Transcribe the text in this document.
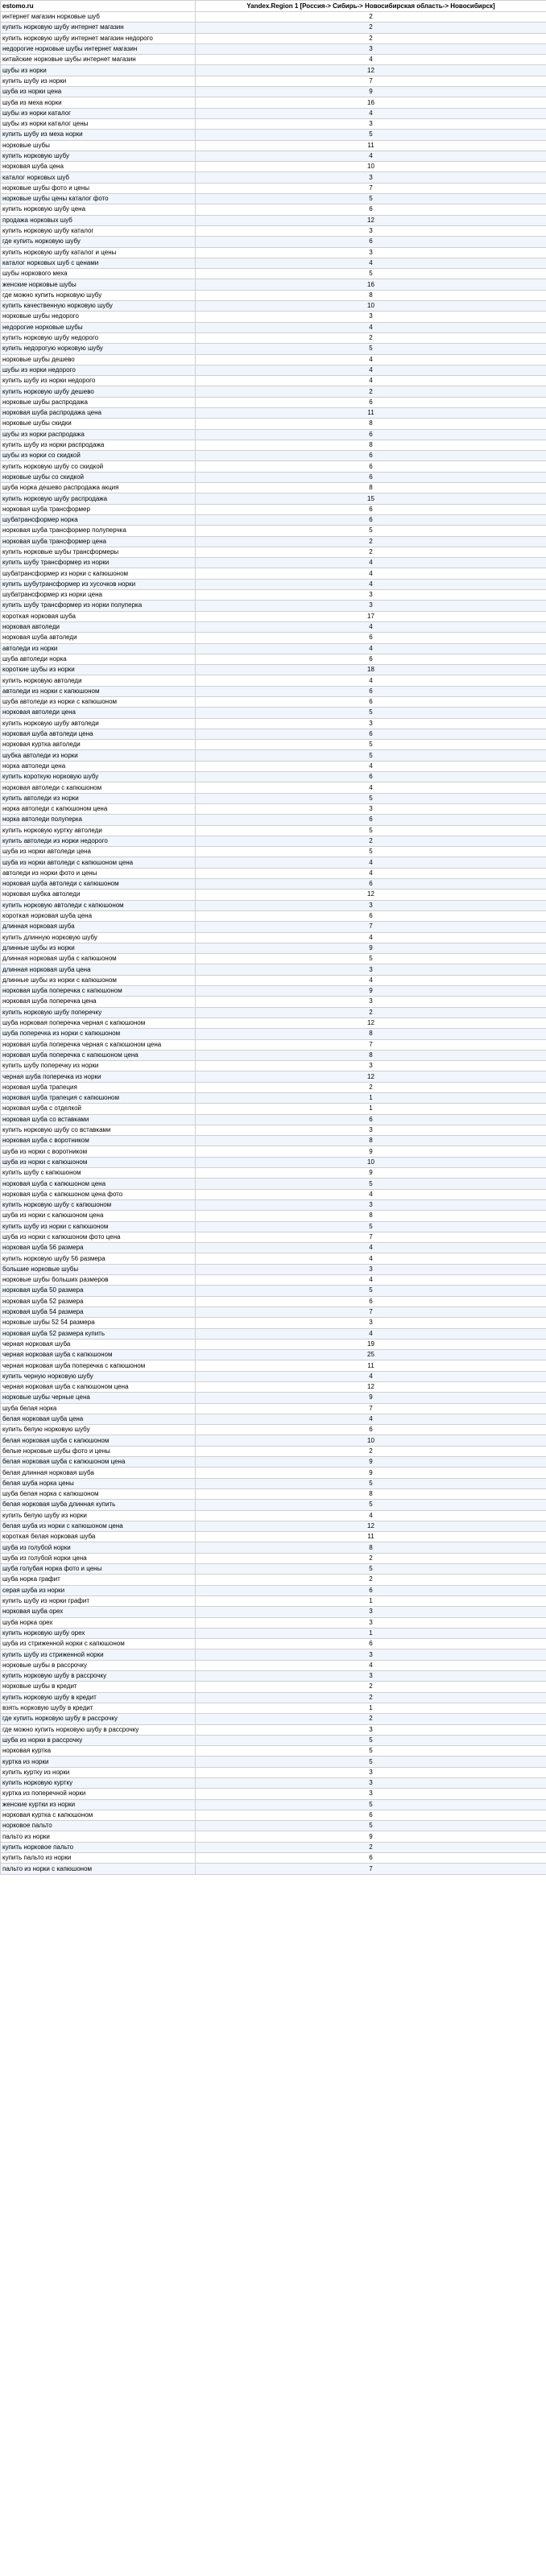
estomo.ru	Yandex.Region 1 [Россия-> Сибирь-> Новосибирская область-> Новосибирск]
интернет магазин норковые шуб	2
купить норковую шубу интернет магазин	2
купить норковую шубу интернет магазин недорого	2
недорогие норковые шубы интернет магазин	3
китайские норковые шубы интернет магазин	4
шубы из норки	12
купить шубу из норки	7
шуба из норки цена	9
шуба из меха норки	16
шубы из норки каталог	4
шубы из норки каталог цены	3
купить шубу из меха норки	5
норковые шубы	11
купить норковую шубу	4
норковая шуба цена	10
каталог норковых шуб	3
норковые шубы фото и цены	7
норковые шубы цены каталог фото	5
купить норковую шубу цена	6
продажа норковых шуб	12
купить норковую шубу каталог	3
где купить норковую шубу	6
купить норковую шубу каталог и цены	3
каталог норковых шуб с ценами	4
шубы норкового меха	5
женские норковые шубы	16
где можно купить норковую шубу	8
купить качественную норковую шубу	10
норковые шубы недорого	3
недорогие норковые шубы	4
купить норковую шубу недорого	2
купить недорогую норковую шубу	5
норковые шубы дешево	4
шубы из норки недорого	4
купить шубу из норки недорого	4
купить норковую шубу дешево	2
норковые шубы распродажа	6
норковая шуба распродажа цена	11
норковые шубы скидки	8
шубы из норки распродажа	6
купить шубу из норки распродажа	8
шубы из норки со скидкой	6
купить норковую шубу со скидкой	6
норковые шубы со скидкой	6
шуба норка дешево распродажа акция	8
купить норковую шубу распродажа	15
норковая шуба трансформер	6
шубатрансформер норка	6
норковая шуба трансформер полуперчка	5
норковая шуба трансформер цена	2
купить норковые шубы трансформеры	2
купить шубу трансформер из норки	4
шубатрансформер из норки с капюшоном	4
купить шубутрансформер из хусочков норки	4
шубатрансформер из норки цена	3
купить шубу трансформер из норки полуперка	3
короткая норковая шуба	17
норковая автоледи	4
норковая шуба автоледи	6
автоледи из норки	4
шуба автоледи норка	6
короткие шубы из норки	18
купить норковую автоледи	4
автоледи из норки с капюшоном	6
шуба автоледи из норки с капюшоном	6
норковая автоледи цена	5
купить норковую шубу автоледи	3
норковая шуба автоледи цена	6
норковая куртка автоледи	5
шубка автоледи из норки	5
норка автоледи цена	4
купить короткую норковую шубу	6
норковая автоледи с капюшоном	4
купить автоледи из норки	5
норка автоледи с капюшоном цена	3
норка автоледи полуперка	6
купить норковую куртку автоледи	5
купить автоледи из норки недорого	2
шуба из норки автоледи цена	5
шуба из норки автоледи с капюшоном цена	4
автоледи из норки фото и цены	4
норковая шуба автоледи с капюшоном	6
норковая шубка автоледи	12
купить норковую автоледи с капюшоном	3
короткая норковая шуба цена	6
длинная норковая шуба	7
купить длинную норковую шубу	4
длинные шубы из норки	9
длинная норковая шуба с капюшоном	5
длинная норковая шуба цена	3
длинные шубы из норки с капюшоном	4
норковая шуба поперечка с капюшоном	9
норковая шуба поперечка цена	3
купить норковую шубу поперечку	2
шуба норковая поперечка черная с капюшоном	12
шуба поперечка из норки с капюшоном	8
норковая шуба поперечка черная с капюшоном цена	7
норковая шуба поперечка с капюшоном цена	8
купить шубу поперечку из норки	3
черная шуба поперечка из норки	12
норковая шуба трапеция	2
норковая шуба трапеция с капюшоном	1
норковая шуба с отделкой	1
норковая шуба со вставками	6
купить норковую шубу со вставками	3
норковая шуба с воротником	8
шуба из норки с воротником	9
шуба из норки с капюшоном	10
купить шубу с капюшоном	9
норковая шуба с капюшоном цена	5
норковая шуба с капюшоном цена фото	4
купить норковую шубу с капюшоном	3
шуба из норки с капюшоном цена	8
купить шубу из норки с капюшоном	5
шуба из норки с капюшоном фото цена	7
норковая шуба 56 размера	4
купить норковую шубу 56 размера	4
большие норковые шубы	3
норковые шубы больших размеров	4
норковая шуба 50 размера	5
норковая шуба 52 размера	6
норковая шуба 54 размера	7
норковые шубы 52 54 размера	3
норковая шуба 52 размера купить	4
черная норковая шуба	19
черная норковая шуба с капюшоном	25
черная норковая шуба поперечка с капюшоном	11
купить черную норковую шубу	4
черная норковая шуба с капюшоном цена	12
норковые шубы черные цена	9
шуба белая норка	7
белая норковая шуба цена	4
купить белую норковую шубу	6
белая норковая шуба с капюшоном	10
белые норковые шубы фото и цены	2
белая норковая шуба с капюшоном цена	9
белая длинная норковая шуба	9
белая шуба норка цены	5
шуба белая норка с капюшоном	8
белая норковая шуба длинная купить	5
купить белую шубу из норки	4
белая шуба из норки с капюшоном цена	12
короткая белая норковая шуба	11
шуба из голубой норки	8
шуба из голубой норки цена	2
шуба голубая норка фото и цены	5
шуба норка графит	2
серая шуба из норки	6
купить шубу из норки графит	1
норковая шуба орех	3
шуба норка орех	3
купить норковую шубу орех	1
шуба из стриженной норки с капюшоном	6
купить шубу из стриженной норки	3
норковые шубы в рассрочку	4
купить норковую шубу в рассрочку	3
норковые шубы в кредит	2
купить норковую шубу в кредит	2
взять норковую шубу в кредит	1
где купить норковую шубу в рассрочку	2
где можно купить норковую шубу в рассрочку	3
шуба из норки в рассрочку	5
норковая куртка	5
куртка из норки	5
купить куртку из норки	3
купить норковую куртку	3
куртка из поперечной норки	3
женские куртки из норки	5
норковая куртка с капюшоном	6
норковое пальто	5
пальто из норки	9
купить норковое пальто	2
купить пальто из норки	6
пальто из норки с капюшоном	7
